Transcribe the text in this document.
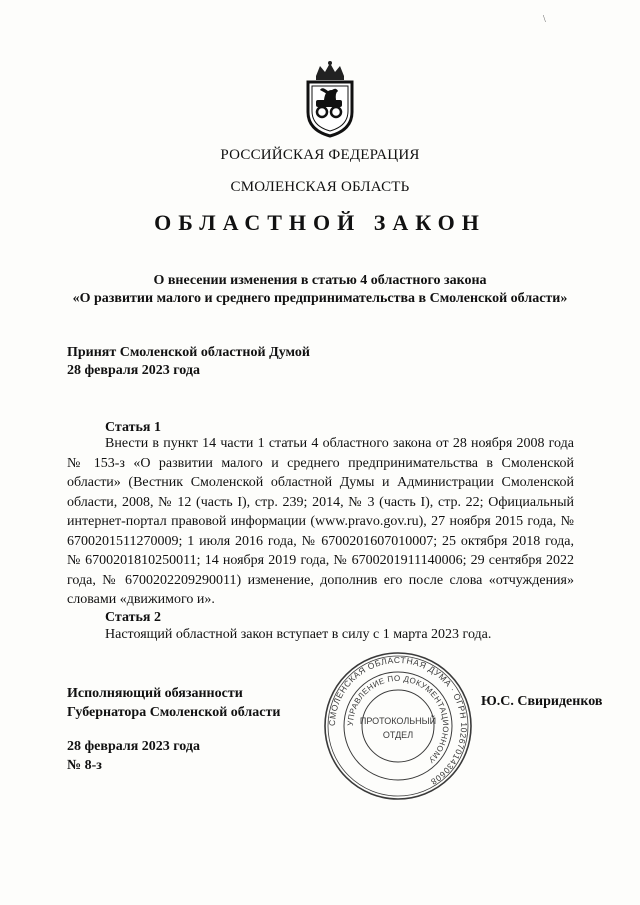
\
РОССИЙСКАЯ ФЕДЕРАЦИЯ
СМОЛЕНСКАЯ ОБЛАСТЬ
ОБЛАСТНОЙ ЗАКОН
О внесении изменения в статью 4 областного закона
«О развитии малого и среднего предпринимательства в Смоленской области»
Принят Смоленской областной Думой
28 февраля 2023 года
Статья 1
Внести в пункт 14 части 1 статьи 4 областного закона от 28 ноября 2008 года № 153-з «О развитии малого и среднего предпринимательства в Смоленской области» (Вестник Смоленской областной Думы и Администрации Смоленской области, 2008, № 12 (часть I), стр. 239; 2014, № 3 (часть I), стр. 22; Официальный интернет-портал правовой информации (www.pravo.gov.ru), 27 ноября 2015 года, № 6700201511270009; 1 июля 2016 года, № 6700201607010007; 25 октября 2018 года, № 6700201810250011; 14 ноября 2019 года, № 6700201911140006; 29 сентября 2022 года, № 6700202209290011) изменение, дополнив его после слова «отчуждения» словами «движимого и».
Статья 2
Настоящий областной закон вступает в силу с 1 марта 2023 года.
Исполняющий обязанности
Губернатора Смоленской области
Ю.С. Свириденков
28 февраля 2023 года
№ 8-з
СМОЛЕНСКАЯ ОБЛАСТНАЯ ДУМА · ОГРН 1026701430608
УПРАВЛЕНИЕ ПО ДОКУМЕНТАЦИОННОМУ
ПРОТОКОЛЬНЫЙ
ОТДЕЛ
